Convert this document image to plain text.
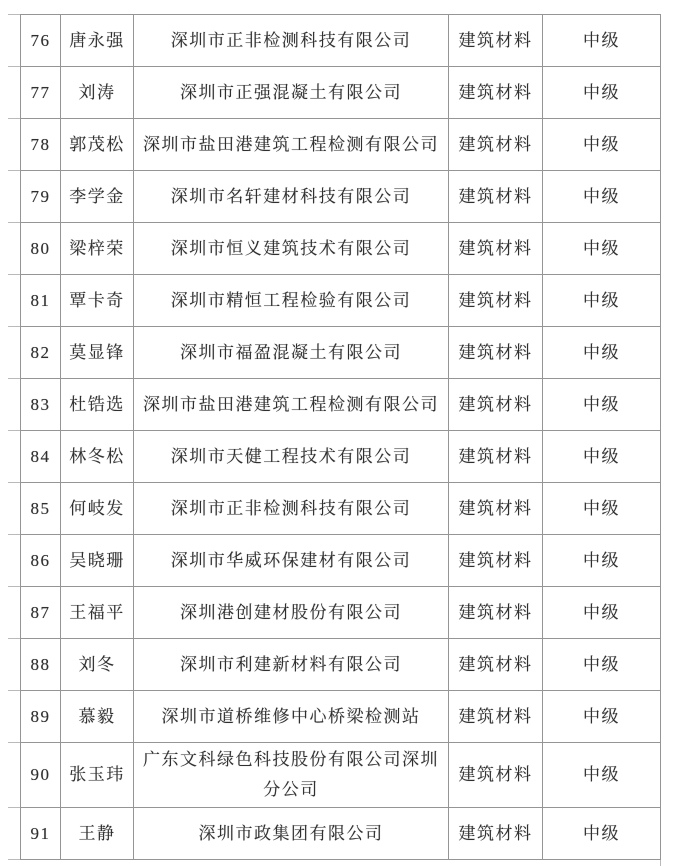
76	唐永强	深圳市正非检测科技有限公司	建筑材料	中级
77	刘涛	深圳市正强混凝土有限公司	建筑材料	中级
78	郭茂松	深圳市盐田港建筑工程检测有限公司	建筑材料	中级
79	李学金	深圳市名轩建材科技有限公司	建筑材料	中级
80	梁梓荣	深圳市恒义建筑技术有限公司	建筑材料	中级
81	覃卡奇	深圳市精恒工程检验有限公司	建筑材料	中级
82	莫显锋	深圳市福盈混凝土有限公司	建筑材料	中级
83	杜锆选	深圳市盐田港建筑工程检测有限公司	建筑材料	中级
84	林冬松	深圳市天健工程技术有限公司	建筑材料	中级
85	何岐发	深圳市正非检测科技有限公司	建筑材料	中级
86	吴晓珊	深圳市华威环保建材有限公司	建筑材料	中级
87	王福平	深圳港创建材股份有限公司	建筑材料	中级
88	刘冬	深圳市利建新材料有限公司	建筑材料	中级
89	慕毅	深圳市道桥维修中心桥梁检测站	建筑材料	中级
90	张玉玮	广东文科绿色科技股份有限公司深圳分公司	建筑材料	中级
91	王静	深圳市政集团有限公司	建筑材料	中级
